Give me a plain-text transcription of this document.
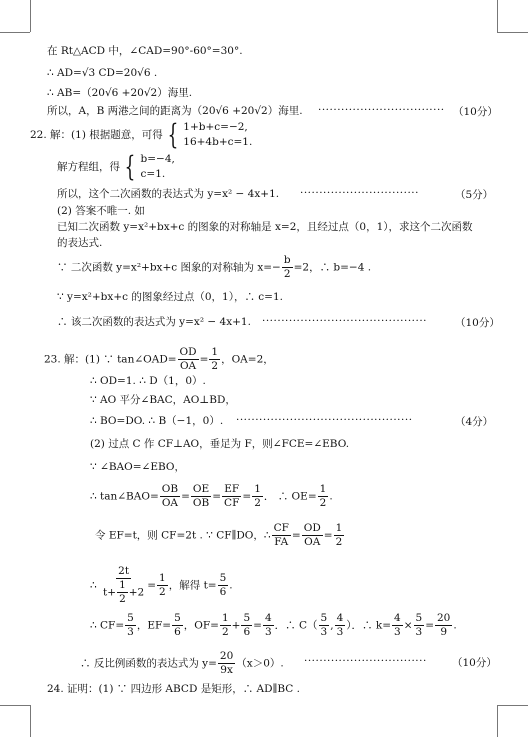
在 Rt△ACD 中，∠CAD=90°-60°=30°.
∴ AD=√3 CD=20√6 .
∴ AB=（20√6 +20√2）海里.
所以，A，B 两港之间的距离为（20√6 +20√2）海里. ································· （10分）
22. 解：(1) 根据题意，可得 { 1+b+c=−2,
16+4b+c=1.
解方程组，得 { b=−4,
c=1.
所以，这个二次函数的表达式为 y=x² − 4x+1. ·······························	（5分）
(2) 答案不唯一. 如
已知二次函数 y=x²+bx+c 的图象的对称轴是 x=2，且经过点（0，1），求这个二次函数
的表达式.
∵ 二次函数 y=x²+bx+c 图象的对称轴为 $x=- \frac{b}{2} =2$，∴ b=−4 .
∵ y=x²+bx+c 的图象经过点（0，1），∴ c=1.
∴ 该二次函数的表达式为 y=x² − 4x+1. ···········································	（10分）
23. 解：(1) ∵ tan∠OAD= $\frac{OD}{OA} = \frac{1}{2}$ ，OA=2，
∴ OD=1. ∴ D（1，0）.
∵ AO 平分∠BAC，AO⊥BD，
∴ BO=DO. ∴ B（−1，0）. ··············································	（4分）
(2) 过点 C 作 CF⊥AO，垂足为 F，则∠FCE=∠EBO.
∵ ∠BAO=∠EBO，
∴ tan∠BAO= $\frac{OB}{OA} = \frac{OE}{OB} = \frac{EF}{CF} = \frac{1}{2}$ ． ∴ $OE= \frac{1}{2}$ .
令 EF=t，则 CF=2t . ∵ CF∥DO，∴ $\frac{CF}{FA} = \frac{OD}{OA} = \frac{1}{2}$
∴ $\frac{2t}{t+ \frac{1}{2} +2} = \frac{1}{2}$ ，解得 $t= \frac{5}{6}$ .
∴ $CF= \frac{5}{3}$ ，$EF= \frac{5}{6}$ ，$OF= \frac{1}{2} + \frac{5}{6} = \frac{4}{3}$ ．∴ $C( \frac{5}{3}$ , $\frac{4}{3}$ ）．∴ $k= \frac{4}{3} \times \frac{5}{3} = \frac{20}{9}$ .
∴ 反比例函数的表达式为 $y= \frac{20}{9x} (x>0)$. ································ （10分）
24. 证明：(1) ∵ 四边形 ABCD 是矩形，∴ AD∥BC .
